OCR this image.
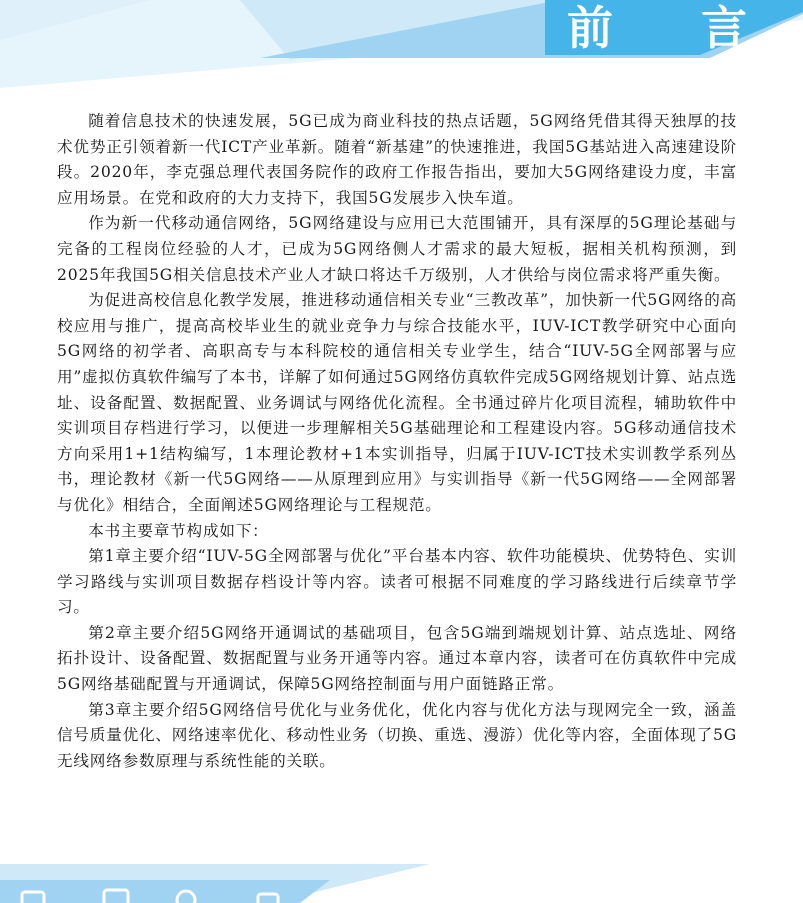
前 言

随着信息技术的快速发展，5G已成为商业科技的热点话题，5G网络凭借其得天独厚的技术优势正引领着新一代ICT产业革新。随着“新基建”的快速推进，我国5G基站进入高速建设阶段。2020年，李克强总理代表国务院作的政府工作报告指出，要加大5G网络建设力度，丰富应用场景。在党和政府的大力支持下，我国5G发展步入快车道。

作为新一代移动通信网络，5G网络建设与应用已大范围铺开，具有深厚的5G理论基础与完备的工程岗位经验的人才，已成为5G网络侧人才需求的最大短板，据相关机构预测，到2025年我国5G相关信息技术产业人才缺口将达千万级别，人才供给与岗位需求将严重失衡。

为促进高校信息化教学发展，推进移动通信相关专业“三教改革”，加快新一代5G网络的高校应用与推广，提高高校毕业生的就业竞争力与综合技能水平，IUV-ICT教学研究中心面向5G网络的初学者、高职高专与本科院校的通信相关专业学生，结合“IUV-5G全网部署与应用”虚拟仿真软件编写了本书，详解了如何通过5G网络仿真软件完成5G网络规划计算、站点选址、设备配置、数据配置、业务调试与网络优化流程。全书通过碎片化项目流程，辅助软件中实训项目存档进行学习，以便进一步理解相关5G基础理论和工程建设内容。5G移动通信技术方向采用1+1结构编写，1本理论教材+1本实训指导，归属于IUV-ICT技术实训教学系列丛书，理论教材《新一代5G网络——从原理到应用》与实训指导《新一代5G网络——全网部署与优化》相结合，全面阐述5G网络理论与工程规范。

本书主要章节构成如下：

第1章主要介绍“IUV-5G全网部署与优化”平台基本内容、软件功能模块、优势特色、实训学习路线与实训项目数据存档设计等内容。读者可根据不同难度的学习路线进行后续章节学习。

第2章主要介绍5G网络开通调试的基础项目，包含5G端到端规划计算、站点选址、网络拓扑设计、设备配置、数据配置与业务开通等内容。通过本章内容，读者可在仿真软件中完成5G网络基础配置与开通调试，保障5G网络控制面与用户面链路正常。

第3章主要介绍5G网络信号优化与业务优化，优化内容与优化方法与现网完全一致，涵盖信号质量优化、网络速率优化、移动性业务（切换、重选、漫游）优化等内容，全面体现了5G无线网络参数原理与系统性能的关联。
